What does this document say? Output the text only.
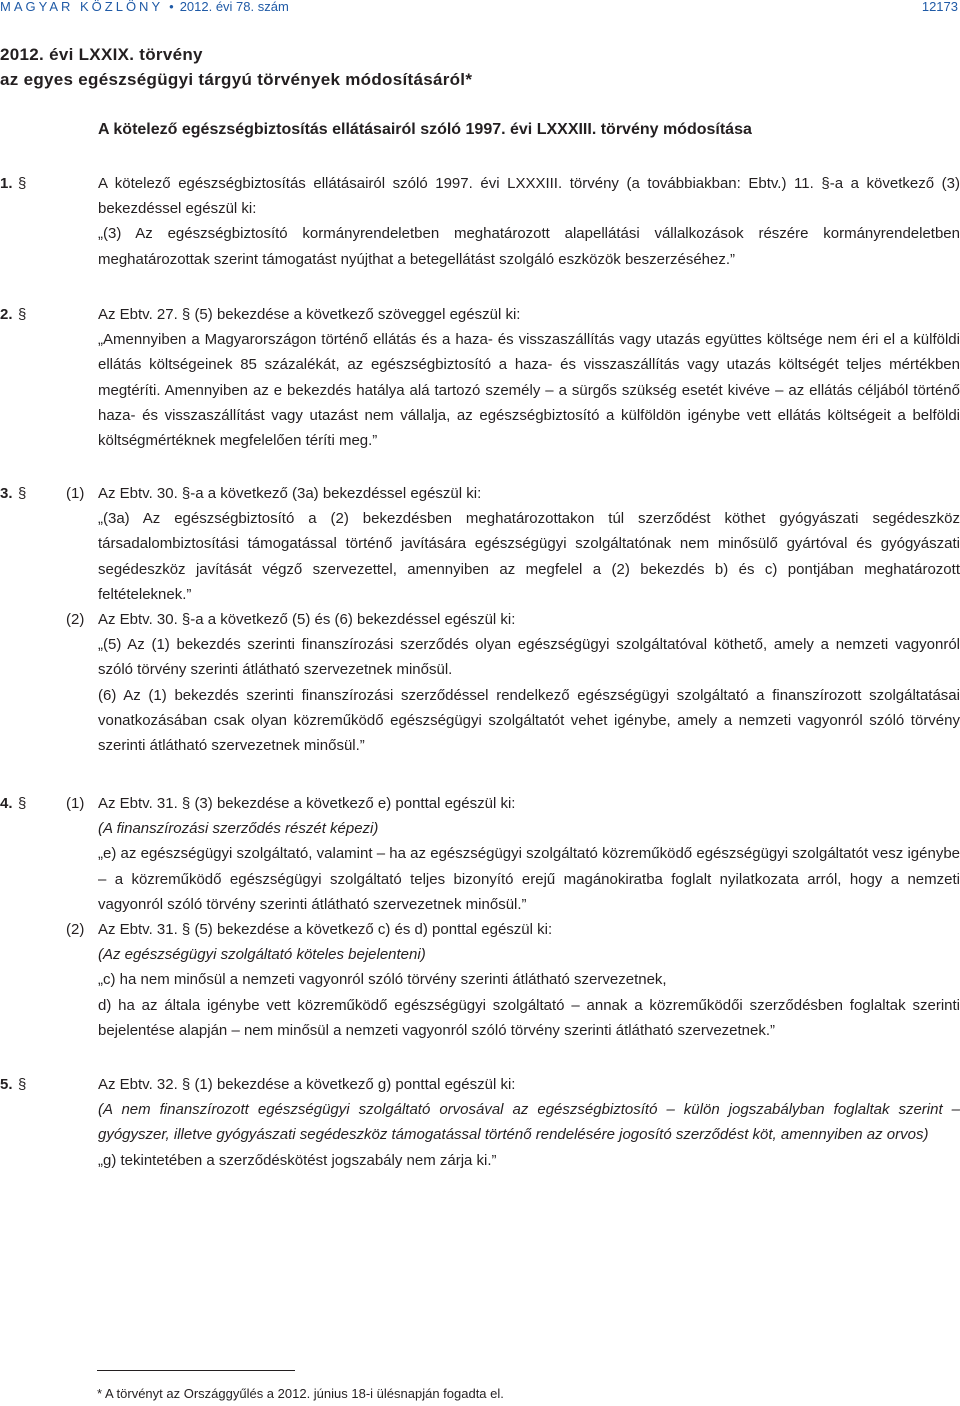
MAGYAR KÖZLÖNY • 2012. évi 78. szám	12173
2012. évi LXXIX. törvény
az egyes egészségügyi tárgyú törvények módosításáról*
A kötelező egészségbiztosítás ellátásairól szóló 1997. évi LXXXIII. törvény módosítása
1. §	A kötelező egészségbiztosítás ellátásairól szóló 1997. évi LXXXIII. törvény (a továbbiakban: Ebtv.) 11. §-a a következő (3) bekezdéssel egészül ki:

„(3) Az egészségbiztosító kormányrendeletben meghatározott alapellátási vállalkozások részére kormányrendeletben meghatározottak szerint támogatást nyújthat a betegellátást szolgáló eszközök beszerzéséhez.”

2. §	Az Ebtv. 27. § (5) bekezdése a következő szöveggel egészül ki:

„Amennyiben a Magyarországon történő ellátás és a haza- és visszaszállítás vagy utazás együttes költsége nem éri el a külföldi ellátás költségeinek 85 százalékát, az egészségbiztosító a haza- és visszaszállítás vagy utazás költségét teljes mértékben megtéríti. Amennyiben az e bekezdés hatálya alá tartozó személy – a sürgős szükség esetét kivéve – az ellátás céljából történő haza- és visszaszállítást vagy utazást nem vállalja, az egészségbiztosító a külföldön igénybe vett ellátás költségeit a belföldi költségmértéknek megfelelően téríti meg.”

3. §	(1)
(2)

Az Ebtv. 30. §-a a következő (3a) bekezdéssel egészül ki:

„(3a) Az egészségbiztosító a (2) bekezdésben meghatározottakon túl szerződést köthet gyógyászati segédeszköz társadalombiztosítási támogatással történő javítására egészségügyi szolgáltatónak nem minősülő gyártóval és gyógyászati segédeszköz javítását végző szervezettel, amennyiben az megfelel a (2) bekezdés b) és c) pontjában meghatározott feltételeknek.”

Az Ebtv. 30. §-a a következő (5) és (6) bekezdéssel egészül ki:

„(5) Az (1) bekezdés szerinti finanszírozási szerződés olyan egészségügyi szolgáltatóval köthető, amely a nemzeti vagyonról szóló törvény szerinti átlátható szervezetnek minősül.

(6) Az (1) bekezdés szerinti finanszírozási szerződéssel rendelkező egészségügyi szolgáltató a finanszírozott szolgáltatásai vonatkozásában csak olyan közreműködő egészségügyi szolgáltatót vehet igénybe, amely a nemzeti vagyonról szóló törvény szerinti átlátható szervezetnek minősül.”

4. §	(1)
(2)

Az Ebtv. 31. § (3) bekezdése a következő e) ponttal egészül ki:

(A finanszírozási szerződés részét képezi)

„e) az egészségügyi szolgáltató, valamint – ha az egészségügyi szolgáltató közreműködő egészségügyi szolgáltatót vesz igénybe – a közreműködő egészségügyi szolgáltató teljes bizonyító erejű magánokiratba foglalt nyilatkozata arról, hogy a nemzeti vagyonról szóló törvény szerinti átlátható szervezetnek minősül.”

Az Ebtv. 31. § (5) bekezdése a következő c) és d) ponttal egészül ki:

(Az egészségügyi szolgáltató köteles bejelenteni)

„c) ha nem minősül a nemzeti vagyonról szóló törvény szerinti átlátható szervezetnek,

d) ha az általa igénybe vett közreműködő egészségügyi szolgáltató – annak a közreműködői szerződésben foglaltak szerinti bejelentése alapján – nem minősül a nemzeti vagyonról szóló törvény szerinti átlátható szervezetnek.”

5. §	Az Ebtv. 32. § (1) bekezdése a következő g) ponttal egészül ki:

(A nem finanszírozott egészségügyi szolgáltató orvosával az egészségbiztosító – külön jogszabályban foglaltak szerint – gyógyszer, illetve gyógyászati segédeszköz támogatással történő rendelésére jogosító szerződést köt, amennyiben az orvos)

„g) tekintetében a szerződéskötést jogszabály nem zárja ki.”

* A törvényt az Országgyűlés a 2012. június 18-i ülésnapján fogadta el.
